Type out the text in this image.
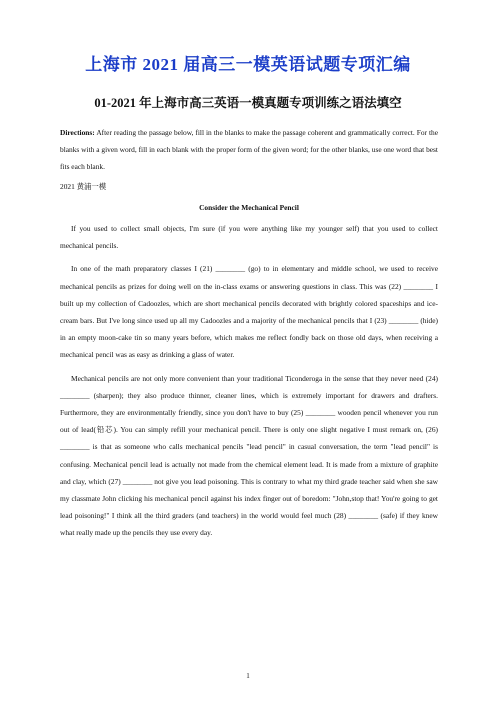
上海市 2021 届高三一模英语试题专项汇编
01-2021 年上海市高三英语一模真题专项训练之语法填空

Directions: After reading the passage below, fill in the blanks to make the passage coherent and grammatically correct. For the blanks with a given word, fill in each blank with the proper form of the given word; for the other blanks, use one word that best fits each blank.

2021 黄浦一模

Consider the Mechanical Pencil

If you used to collect small objects, I'm sure (if you were anything like my younger self) that you used to collect mechanical pencils.

In one of the math preparatory classes I (21) ________ (go) to in elementary and middle school, we used to receive mechanical pencils as prizes for doing well on the in-class exams or answering questions in class. This was (22) ________ I built up my collection of Cadoozles, which are short mechanical pencils decorated with brightly colored spaceships and ice-cream bars. But I've long since used up all my Cadoozles and a majority of the mechanical pencils that I (23) ________ (hide) in an empty moon-cake tin so many years before, which makes me reflect fondly back on those old days, when receiving a mechanical pencil was as easy as drinking a glass of water.

Mechanical pencils are not only more convenient than your traditional Ticonderoga in the sense that they never need (24) ________ (sharpen); they also produce thinner, cleaner lines, which is extremely important for drawers and drafters. Furthermore, they are environmentally friendly, since you don't have to buy (25) ________ wooden pencil whenever you run out of lead(铅芯). You can simply refill your mechanical pencil. There is only one slight negative I must remark on, (26) ________ is that as someone who calls mechanical pencils "lead pencil" in casual conversation, the term "lead pencil" is confusing. Mechanical pencil lead is actually not made from the chemical element lead. It is made from a mixture of graphite and clay, which (27) ________ not give you lead poisoning. This is contrary to what my third grade teacher said when she saw my classmate John clicking his mechanical pencil against his index finger out of boredom: "John,stop that! You're going to get lead poisoning!" I think all the third graders (and teachers) in the world would feel much (28) ________ (safe) if they knew what really made up the pencils they use every day.

1
